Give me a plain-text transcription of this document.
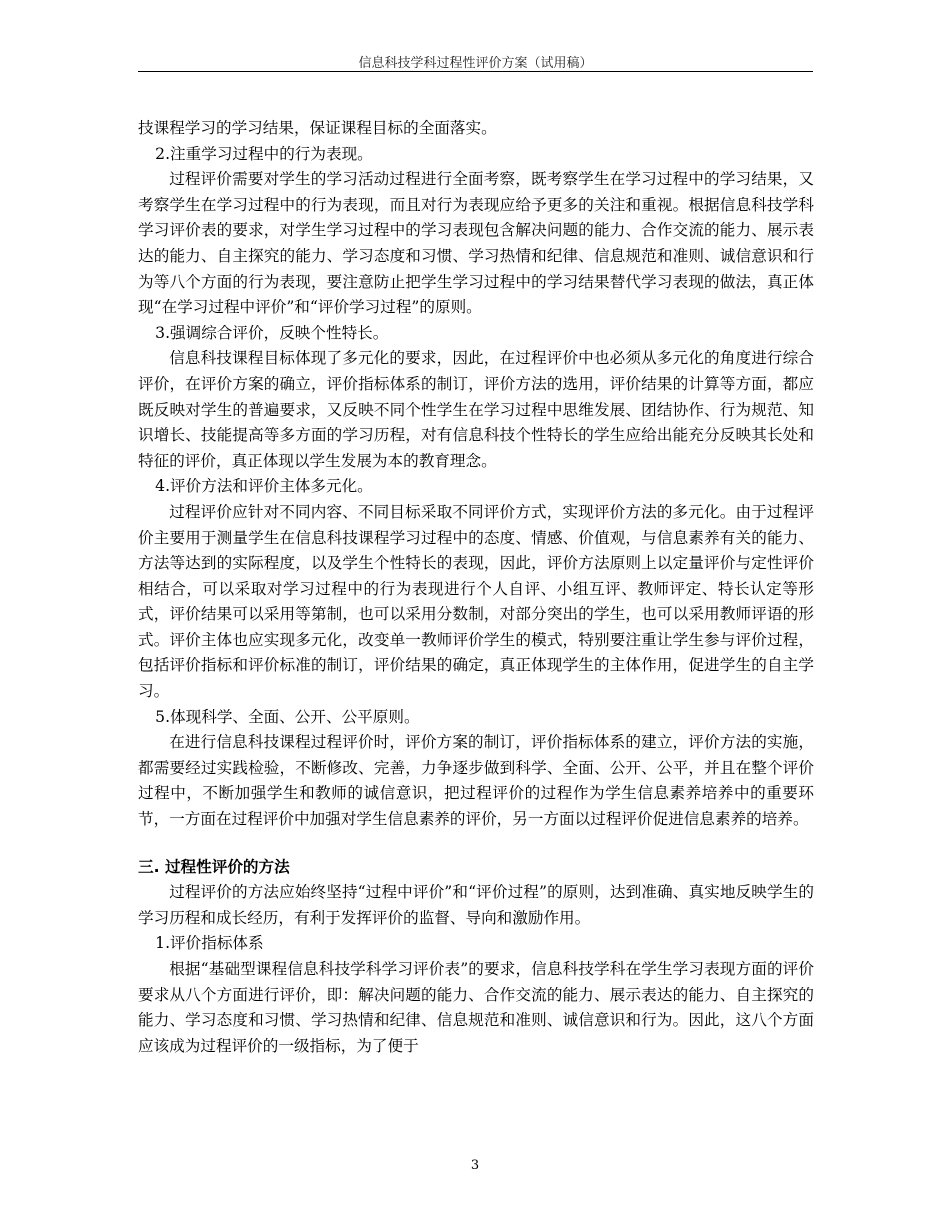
信息科技学科过程性评价方案（试用稿）

技课程学习的学习结果，保证课程目标的全面落实。

2.注重学习过程中的行为表现。

过程评价需要对学生的学习活动过程进行全面考察，既考察学生在学习过程中的学习结果，又考察学生在学习过程中的行为表现，而且对行为表现应给予更多的关注和重视。根据信息科技学科学习评价表的要求，对学生学习过程中的学习表现包含解决问题的能力、合作交流的能力、展示表达的能力、自主探究的能力、学习态度和习惯、学习热情和纪律、信息规范和准则、诚信意识和行为等八个方面的行为表现，要注意防止把学生学习过程中的学习结果替代学习表现的做法，真正体现“在学习过程中评价”和“评价学习过程”的原则。

3.强调综合评价，反映个性特长。

信息科技课程目标体现了多元化的要求，因此，在过程评价中也必须从多元化的角度进行综合评价，在评价方案的确立，评价指标体系的制订，评价方法的选用，评价结果的计算等方面，都应既反映对学生的普遍要求，又反映不同个性学生在学习过程中思维发展、团结协作、行为规范、知识增长、技能提高等多方面的学习历程，对有信息科技个性特长的学生应给出能充分反映其长处和特征的评价，真正体现以学生发展为本的教育理念。

4.评价方法和评价主体多元化。

过程评价应针对不同内容、不同目标采取不同评价方式，实现评价方法的多元化。由于过程评价主要用于测量学生在信息科技课程学习过程中的态度、情感、价值观，与信息素养有关的能力、方法等达到的实际程度，以及学生个性特长的表现，因此，评价方法原则上以定量评价与定性评价相结合，可以采取对学习过程中的行为表现进行个人自评、小组互评、教师评定、特长认定等形式，评价结果可以采用等第制，也可以采用分数制，对部分突出的学生，也可以采用教师评语的形式。评价主体也应实现多元化，改变单一教师评价学生的模式，特别要注重让学生参与评价过程，包括评价指标和评价标准的制订，评价结果的确定，真正体现学生的主体作用，促进学生的自主学习。

5.体现科学、全面、公开、公平原则。

在进行信息科技课程过程评价时，评价方案的制订，评价指标体系的建立，评价方法的实施，都需要经过实践检验，不断修改、完善，力争逐步做到科学、全面、公开、公平，并且在整个评价过程中，不断加强学生和教师的诚信意识，把过程评价的过程作为学生信息素养培养中的重要环节，一方面在过程评价中加强对学生信息素养的评价，另一方面以过程评价促进信息素养的培养。

三. 过程性评价的方法

过程评价的方法应始终坚持“过程中评价”和“评价过程”的原则，达到准确、真实地反映学生的学习历程和成长经历，有利于发挥评价的监督、导向和激励作用。

1.评价指标体系

根据“基础型课程信息科技学科学习评价表”的要求，信息科技学科在学生学习表现方面的评价要求从八个方面进行评价，即：解决问题的能力、合作交流的能力、展示表达的能力、自主探究的能力、学习态度和习惯、学习热情和纪律、信息规范和准则、诚信意识和行为。因此，这八个方面应该成为过程评价的一级指标，为了便于

3
